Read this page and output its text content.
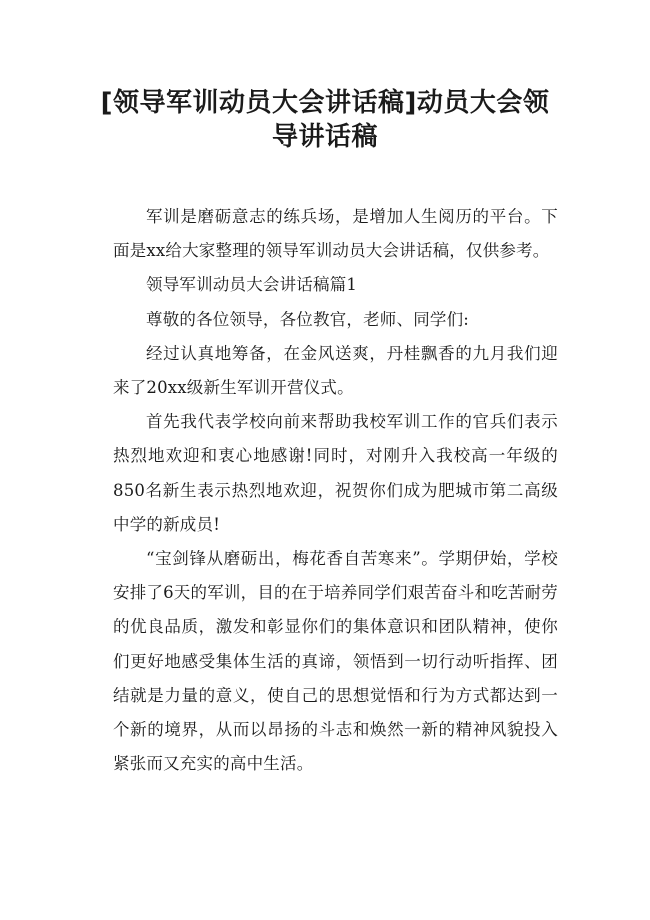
[领导军训动员大会讲话稿]动员大会领导讲话稿

军训是磨砺意志的练兵场，是增加人生阅历的平台。下面是xx给大家整理的领导军训动员大会讲话稿，仅供参考。

领导军训动员大会讲话稿篇1

尊敬的各位领导，各位教官，老师、同学们:

经过认真地筹备，在金风送爽，丹桂飘香的九月我们迎来了20xx级新生军训开营仪式。

首先我代表学校向前来帮助我校军训工作的官兵们表示热烈地欢迎和衷心地感谢!同时，对刚升入我校高一年级的850名新生表示热烈地欢迎，祝贺你们成为肥城市第二高级中学的新成员!

“宝剑锋从磨砺出，梅花香自苦寒来”。学期伊始，学校安排了6天的军训，目的在于培养同学们艰苦奋斗和吃苦耐劳的优良品质，激发和彰显你们的集体意识和团队精神，使你们更好地感受集体生活的真谛，领悟到一切行动听指挥、团结就是力量的意义，使自己的思想觉悟和行为方式都达到一个新的境界，从而以昂扬的斗志和焕然一新的精神风貌投入紧张而又充实的高中生活。
